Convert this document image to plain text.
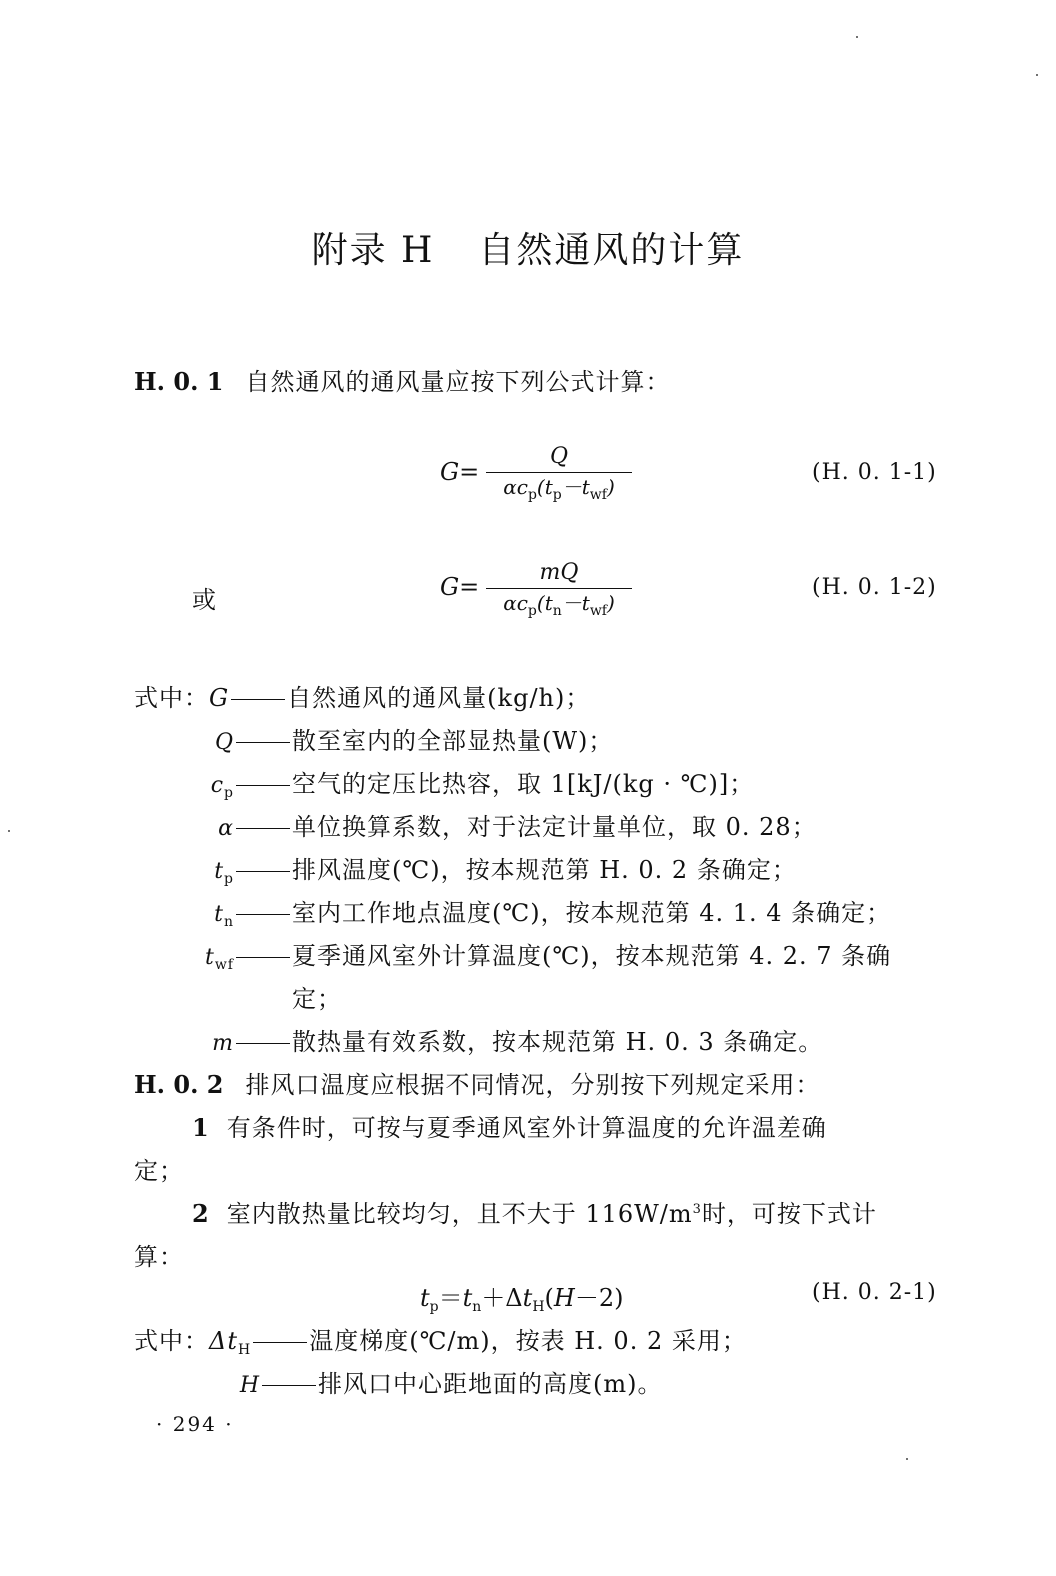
附录 H 自然通风的计算
H. 0. 1 自然通风的通风量应按下列公式计算：
G=
Q
$\alpha c_p(t_p-t_{wf})$
(H. 0. 1-1)
或	G=
mQ
$\alpha c_p(t_n-t_{wf})$
(H. 0. 1-2)
式中：G 自然通风的通风量(kg/h)；
Q 散至室内的全部显热量(W)；
$c_p$ 空气的定压比热容，取 1[kJ/(kg · ℃)]；
α 单位换算系数，对于法定计量单位，取 0. 28；
$t_p$ 排风温度(℃)，按本规范第 H. 0. 2 条确定；
$t_n$ 室内工作地点温度(℃)，按本规范第 4. 1. 4 条确定；
$t_{wf}$ 夏季通风室外计算温度(℃)，按本规范第 4. 2. 7 条确
定；
m 散热量有效系数，按本规范第 H. 0. 3 条确定。
H. 0. 2 排风口温度应根据不同情况，分别按下列规定采用：
1 有条件时，可按与夏季通风室外计算温度的允许温差确
定；
2 室内散热量比较均匀，且不大于 $116W/m^3$时，可按下式计
算：
$t_p=t_n+\Delta t_H(H-2)$	(H. 0. 2-1)
式中：$\Delta t_H$ 温度梯度(℃/m)，按表 H. 0. 2 采用；
H 排风口中心距地面的高度(m)。
· 294 ·
